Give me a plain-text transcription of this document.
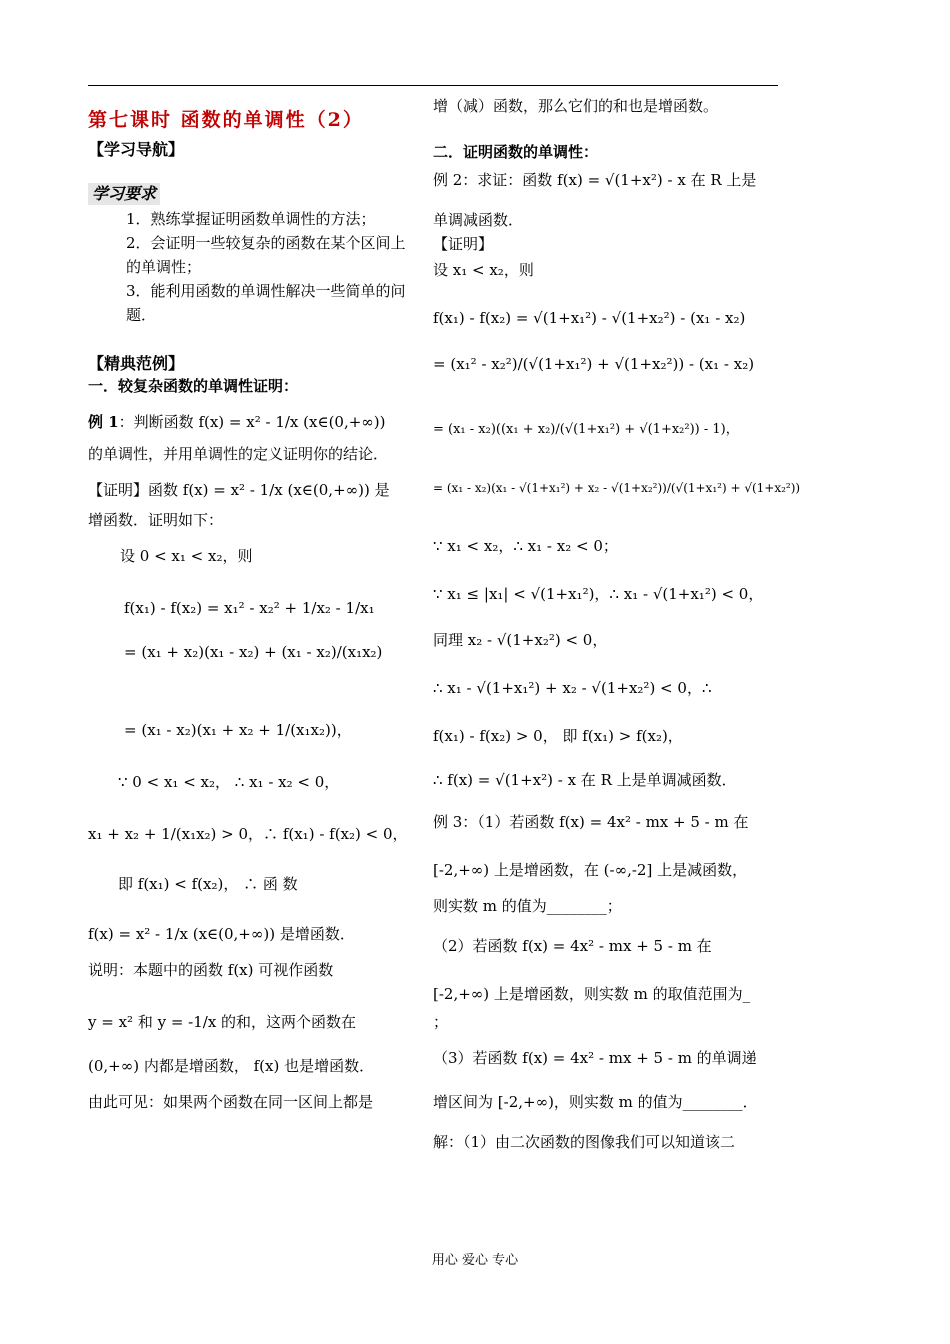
第七课时 函数的单调性（2）
【学习导航】
学习要求
1．熟练掌握证明函数单调性的方法；
2．会证明一些较复杂的函数在某个区间上的单调性；
3．能利用函数的单调性解决一些简单的问题．
【精典范例】
一．较复杂函数的单调性证明：
例 1：判断函数 f(x) = x² - 1/x (x∈(0,+∞))
的单调性，并用单调性的定义证明你的结论．
【证明】函数 f(x) = x² - 1/x (x∈(0,+∞)) 是
增函数．证明如下：
设 0 < x₁ < x₂，则
f(x₁) - f(x₂) = x₁² - x₂² + 1/x₂ - 1/x₁
= (x₁ + x₂)(x₁ - x₂) + (x₁ - x₂)/(x₁x₂)
= (x₁ - x₂)(x₁ + x₂ + 1/(x₁x₂))，
∵ 0 < x₁ < x₂， ∴ x₁ - x₂ < 0，
x₁ + x₂ + 1/(x₁x₂) > 0，∴ f(x₁) - f(x₂) < 0，
即 f(x₁) < f(x₂)， ∴ 函 数
f(x) = x² - 1/x (x∈(0,+∞)) 是增函数．
说明：本题中的函数 f(x) 可视作函数
y = x² 和 y = -1/x 的和，这两个函数在
(0,+∞) 内都是增函数， f(x) 也是增函数．
由此可见：如果两个函数在同一区间上都是
增（减）函数，那么它们的和也是增函数。
二．证明函数的单调性：
例 2：求证：函数 f(x) = √(1+x²) - x 在 R 上是
单调减函数．
【证明】
设 x₁ < x₂，则
f(x₁) - f(x₂) = √(1+x₁²) - √(1+x₂²) - (x₁ - x₂)
= (x₁² - x₂²)/(√(1+x₁²) + √(1+x₂²)) - (x₁ - x₂)
= (x₁ - x₂)((x₁ + x₂)/(√(1+x₁²) + √(1+x₂²)) - 1)，
= (x₁ - x₂)(x₁ - √(1+x₁²) + x₂ - √(1+x₂²))/(√(1+x₁²) + √(1+x₂²))
∵ x₁ < x₂，∴ x₁ - x₂ < 0；
∵ x₁ ≤ |x₁| < √(1+x₁²)，∴ x₁ - √(1+x₁²) < 0，
同理 x₂ - √(1+x₂²) < 0，
∴ x₁ - √(1+x₁²) + x₂ - √(1+x₂²) < 0，∴
f(x₁) - f(x₂) > 0， 即 f(x₁) > f(x₂)，
∴ f(x) = √(1+x²) - x 在 R 上是单调减函数．
例 3：（1）若函数 f(x) = 4x² - mx + 5 - m 在
[-2,+∞) 上是增函数，在 (-∞,-2] 上是减函数，
则实数 m 的值为________；
（2）若函数 f(x) = 4x² - mx + 5 - m 在
[-2,+∞) 上是增函数，则实数 m 的取值范围为_
；
（3）若函数 f(x) = 4x² - mx + 5 - m 的单调递
增区间为 [-2,+∞)，则实数 m 的值为________．
解：（1）由二次函数的图像我们可以知道该二
用心 爱心 专心
